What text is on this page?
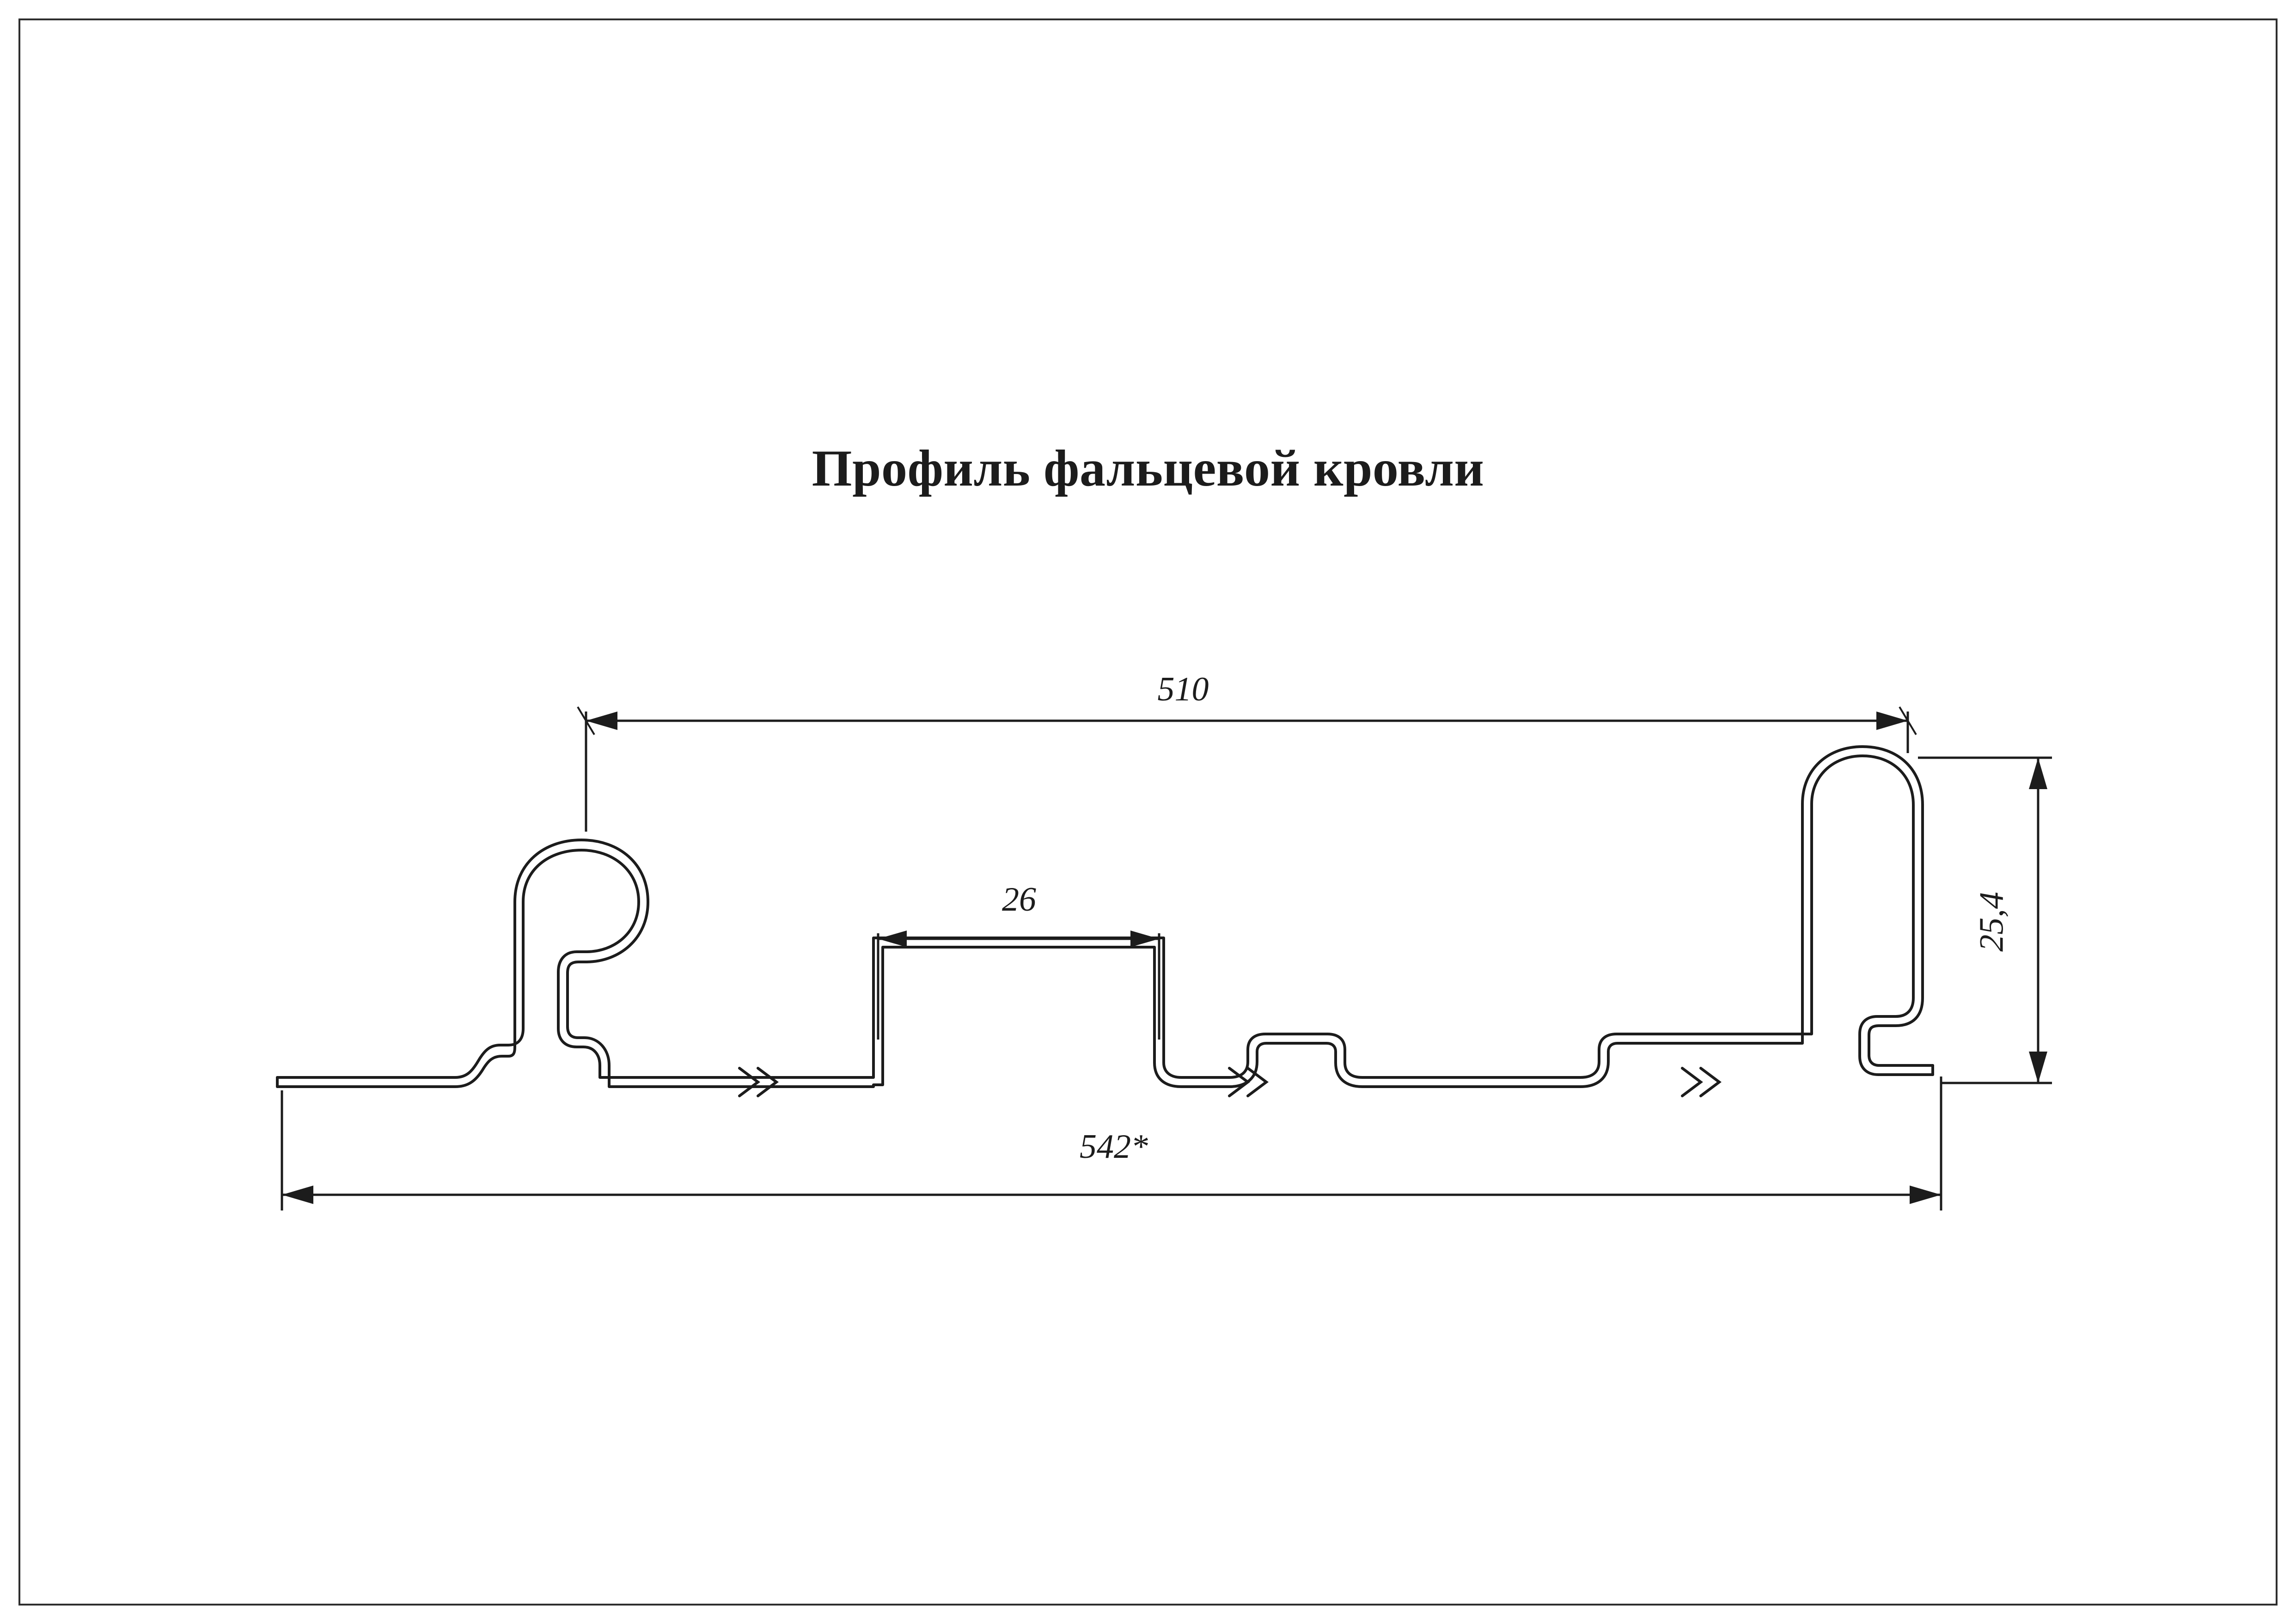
Профиль фальцевой кровли
510
26
542*
25,4
